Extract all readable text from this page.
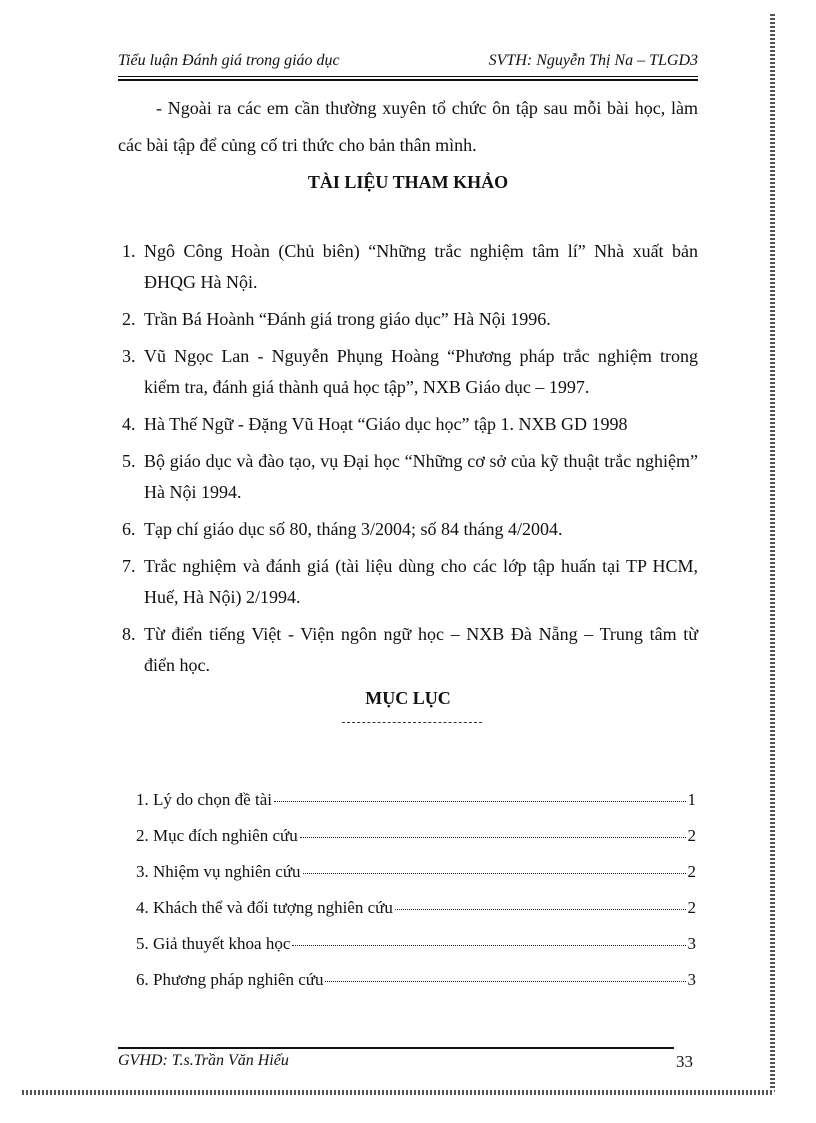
Tiểu luận Đánh giá trong giáo dục	SVTH: Nguyễn Thị Na – TLGD3

- Ngoài ra các em cần thường xuyên tổ chức ôn tập sau mỗi bài học, làm các bài tập để củng cố tri thức cho bản thân mình.

TÀI LIỆU THAM KHẢO
1. Ngô Công Hoàn (Chủ biên) “Những trắc nghiệm tâm lí” Nhà xuất bản ĐHQG Hà Nội.
2. Trần Bá Hoành “Đánh giá trong giáo dục” Hà Nội 1996.
3. Vũ Ngọc Lan - Nguyễn Phụng Hoàng “Phương pháp trắc nghiệm trong kiểm tra, đánh giá thành quả học tập”, NXB Giáo dục – 1997.
4. Hà Thế Ngữ - Đặng Vũ Hoạt “Giáo dục học” tập 1. NXB GD 1998
5. Bộ giáo dục và đào tạo, vụ Đại học “Những cơ sở của kỹ thuật trắc nghiệm” Hà Nội 1994.
6. Tạp chí giáo dục số 80, tháng 3/2004; số 84 tháng 4/2004.
7. Trắc nghiệm và đánh giá (tài liệu dùng cho các lớp tập huấn tại TP HCM, Huế, Hà Nội) 2/1994.
8. Từ điển tiếng Việt - Viện ngôn ngữ học – NXB Đà Nẵng – Trung tâm từ điển học.
MỤC LỤC
1. Lý do chọn đề tài	1
2. Mục đích nghiên cứu	2
3. Nhiệm vụ nghiên cứu	2
4. Khách thể và đối tượng nghiên cứu	2
5. Giả thuyết khoa học	3
6. Phương pháp nghiên cứu	3
GVHD: T.s.Trần Văn Hiếu	33
